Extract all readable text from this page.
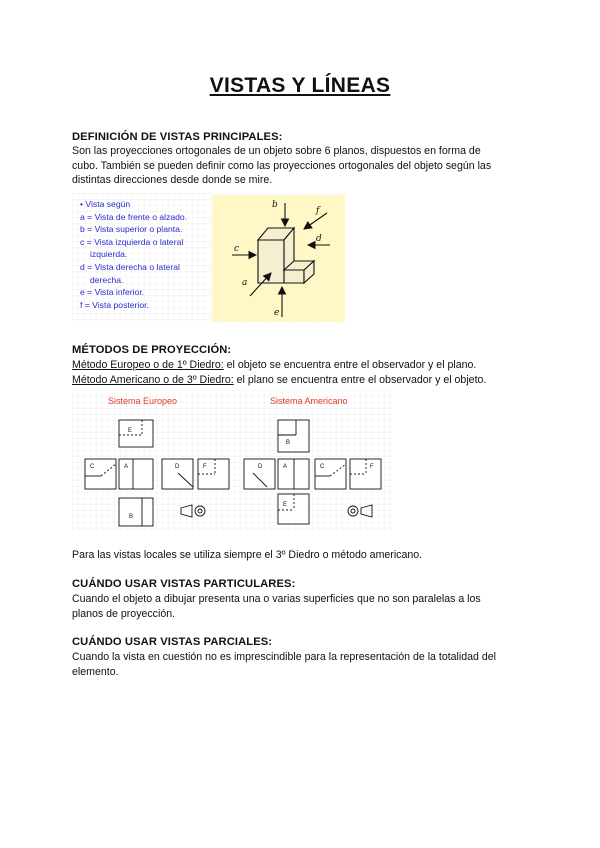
VISTAS Y LÍNEAS
DEFINICIÓN DE VISTAS PRINCIPALES:
Son las proyecciones ortogonales de un objeto sobre 6 planos, dispuestos en forma de
cubo. También se pueden definir como las proyecciones ortogonales del objeto según las
distintas direcciones desde donde se mire.
b
c
d
f
a
e
• Vista según
a = Vista de frente o alzado.
b = Vista superior o planta.
c = Vista izquierda o lateral
izquierda.
d = Vista derecha o lateral
derecha.
e = Vista inferior.
f = Vista posterior.
MÉTODOS DE PROYECCIÓN:
Método Europeo o de 1º Diedro: el objeto se encuentra entre el observador y el plano.
Método Americano o de 3º Diedro: el plano se encuentra entre el observador y el objeto.
E
C	A	D	F
B
B
D	A	C	F
E
Sistema Europeo	Sistema Americano
Para las vistas locales se utiliza siempre el 3º Diedro o método americano.
CUÁNDO USAR VISTAS PARTICULARES:
Cuando el objeto a dibujar presenta una o varias superficies que no son paralelas a los
planos de proyección.
CUÁNDO USAR VISTAS PARCIALES:
Cuando la vista en cuestión no es imprescindible para la representación de la totalidad del
elemento.
